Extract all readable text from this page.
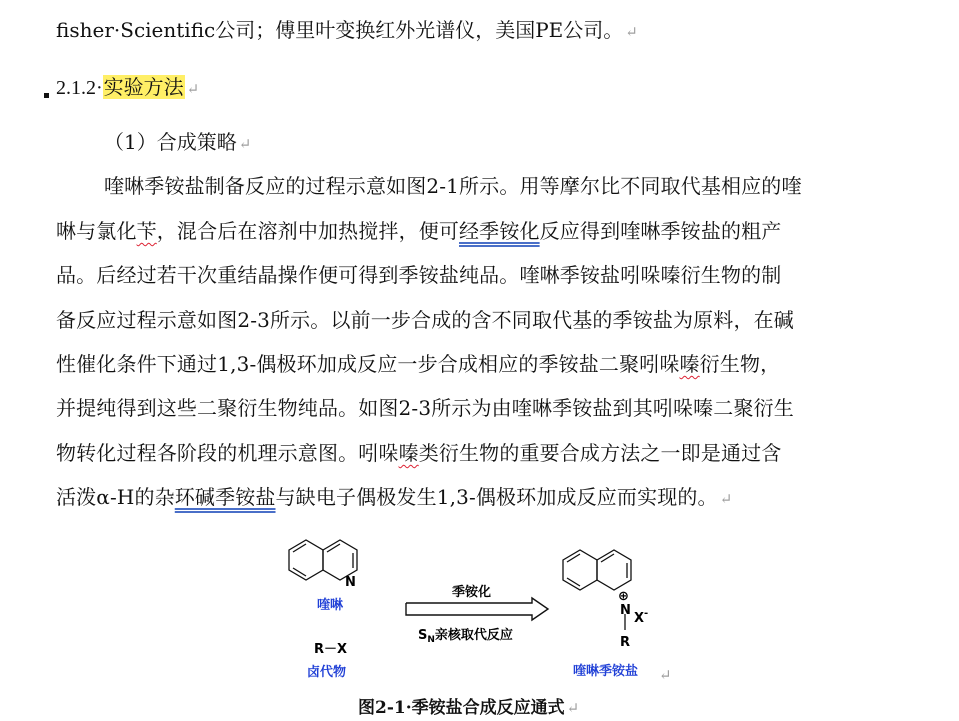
fisher·Scientific公司；傅里叶变换红外光谱仪，美国PE公司。 ↵
2.1.2·实验方法 ↵
（1）合成策略 ↵
喹啉季铵盐制备反应的过程示意如图2-1所示。用等摩尔比不同取代基相应的喹
啉与氯化苄，混合后在溶剂中加热搅拌，便可经季铵化反应得到喹啉季铵盐的粗产
品。后经过若干次重结晶操作便可得到季铵盐纯品。喹啉季铵盐吲哚嗪衍生物的制
备反应过程示意如图2-3所示。以前一步合成的含不同取代基的季铵盐为原料，在碱
性催化条件下通过1,3-偶极环加成反应一步合成相应的季铵盐二聚吲哚嗪衍生物，
并提纯得到这些二聚衍生物纯品。如图2-3所示为由喹啉季铵盐到其吲哚嗪二聚衍生
物转化过程各阶段的机理示意图。吲哚嗪类衍生物的重要合成方法之一即是通过含
活泼α-H的杂环碱季铵盐与缺电子偶极发生1,3-偶极环加成反应而实现的。 ↵
N
喹啉
R－X
卤代物
季铵化
$S_N$亲核取代反应
⊕
N
X-
R
喹啉季铵盐 ↵
图2-1·季铵盐合成反应通式 ↵
